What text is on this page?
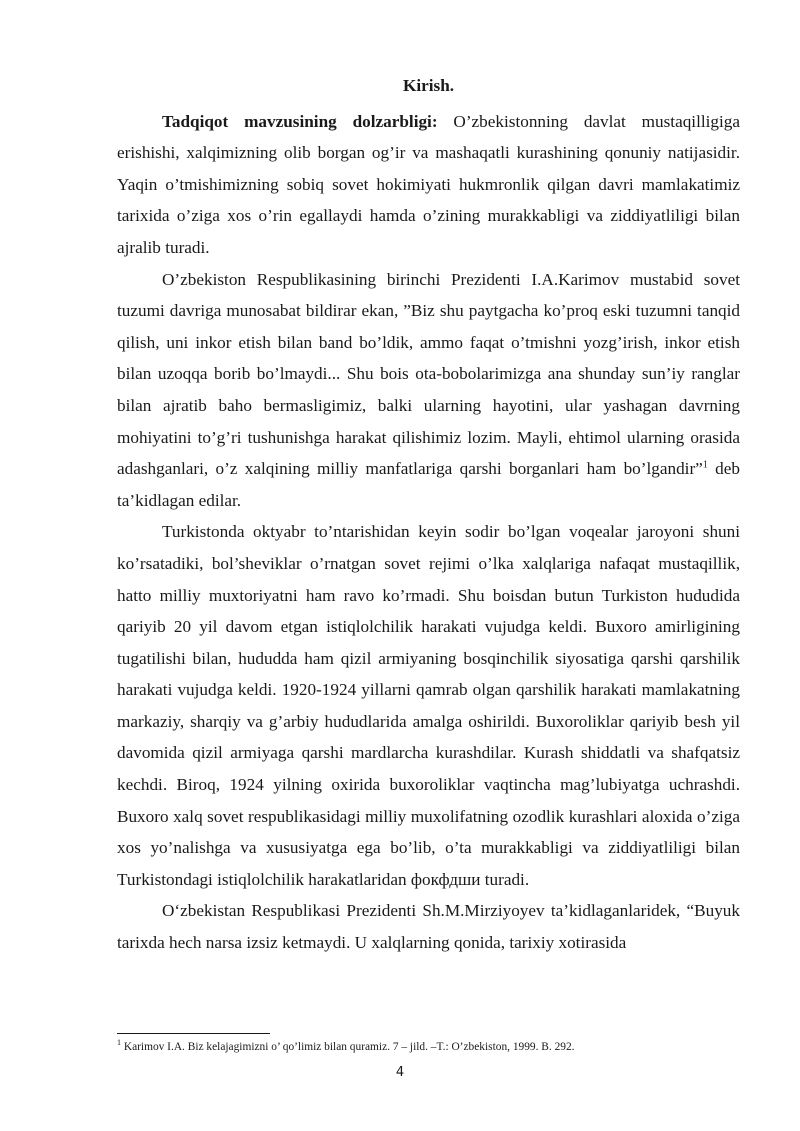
Kirish.

Tadqiqot mavzusining dolzarbligi: O’zbekistonning davlat mustaqilligiga erishishi, xalqimizning olib borgan og’ir va mashaqatli kurashining qonuniy natijasidir. Yaqin o’tmishimizning sobiq sovet hokimiyati hukmronlik qilgan davri mamlakatimiz tarixida o’ziga xos o’rin egallaydi hamda o’zining murakkabligi va ziddiyatliligi bilan ajralib turadi.

O’zbekiston Respublikasining birinchi Prezidenti I.A.Karimov mustabid sovet tuzumi davriga munosabat bildirar ekan, ”Biz shu paytgacha ko’proq eski tuzumni tanqid qilish, uni inkor etish bilan band bo’ldik, ammo faqat o’tmishni yozg’irish, inkor etish bilan uzoqqa borib bo’lmaydi... Shu bois ota-bobolarimizga ana shunday sun’iy ranglar bilan ajratib baho bermasligimiz, balki ularning hayotini, ular yashagan davrning mohiyatini to’g’ri tushunishga harakat qilishimiz lozim. Mayli, ehtimol ularning orasida adashganlari, o’z xalqining milliy manfatlariga qarshi borganlari ham bo’lgandir”$^1$ deb ta’kidlagan edilar.

Turkistonda oktyabr to’ntarishidan keyin sodir bo’lgan voqealar jaroyoni shuni ko’rsatadiki, bol’sheviklar o’rnatgan sovet rejimi o’lka xalqlariga nafaqat mustaqillik, hatto milliy muxtoriyatni ham ravo ko’rmadi. Shu boisdan butun Turkiston hududida qariyib 20 yil davom etgan istiqlolchilik harakati vujudga keldi. Buxoro amirligining tugatilishi bilan, hududda ham qizil armiyaning bosqinchilik siyosatiga qarshi qarshilik harakati vujudga keldi. 1920-1924 yillarni qamrab olgan qarshilik harakati mamlakatning markaziy, sharqiy va g’arbiy hududlarida amalga oshirildi. Buxoroliklar qariyib besh yil davomida qizil armiyaga qarshi mardlarcha kurashdilar. Kurash shiddatli va shafqatsiz kechdi. Biroq, 1924 yilning oxirida buxoroliklar vaqtincha mag’lubiyatga uchrashdi. Buxoro xalq sovet respublikasidagi milliy muxolifatning ozodlik kurashlari aloxida o’ziga xos yo’nalishga va xususiyatga ega bo’lib, o’ta murakkabligi va ziddiyatliligi bilan Turkistondagi istiqlolchilik harakatlaridan фокфдши turadi.

O‘zbekistan Respublikasi Prezidenti Sh.M.Mirziyoyev ta’kidlaganlaridek, “Buyuk tarixda hech narsa izsiz ketmaydi. U xalqlarning qonida, tarixiy xotirasida

$^1$ Karimov I.A. Biz kelajagimizni o’ qo’limiz bilan quramiz. 7 – jild. –T.: O’zbekiston, 1999. B. 292.

4
